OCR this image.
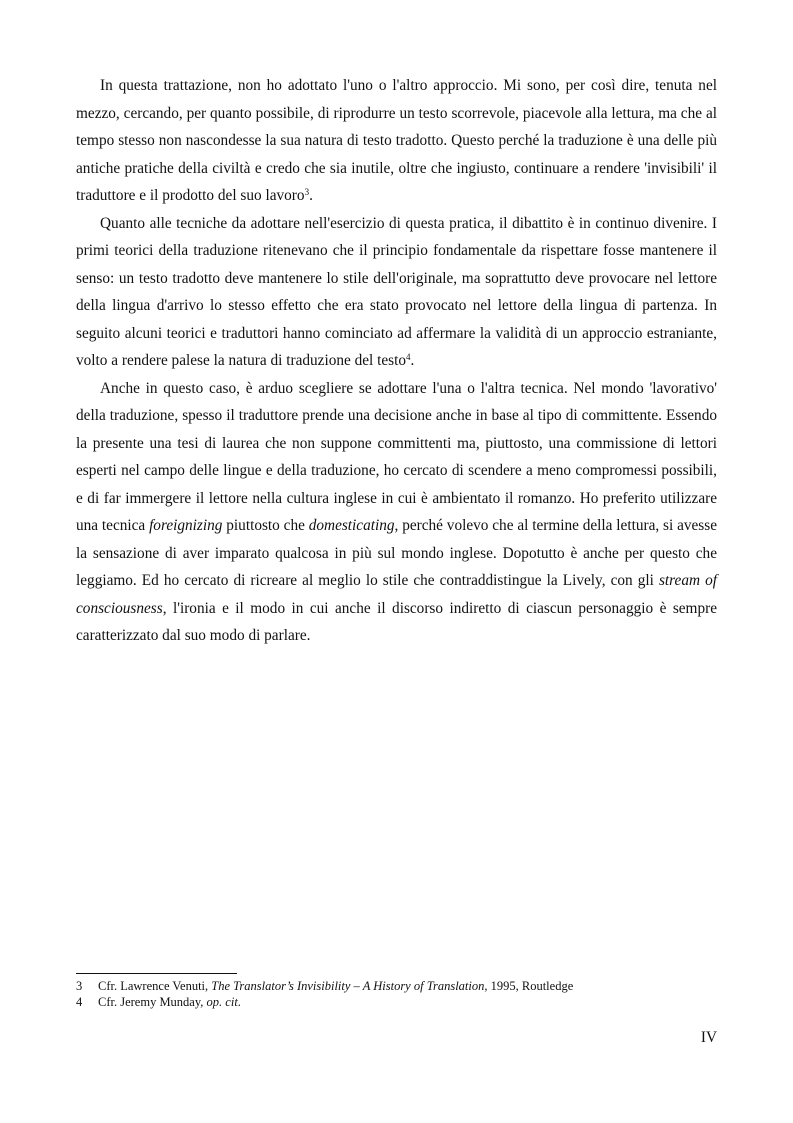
In questa trattazione, non ho adottato l'uno o l'altro approccio. Mi sono, per così dire, tenuta nel mezzo, cercando, per quanto possibile, di riprodurre un testo scorrevole, piacevole alla lettura, ma che al tempo stesso non nascondesse la sua natura di testo tradotto. Questo perché la traduzione è una delle più antiche pratiche della civiltà e credo che sia inutile, oltre che ingiusto, continuare a rendere 'invisibili' il traduttore e il prodotto del suo lavoro$^3$.

Quanto alle tecniche da adottare nell'esercizio di questa pratica, il dibattito è in continuo divenire. I primi teorici della traduzione ritenevano che il principio fondamentale da rispettare fosse mantenere il senso: un testo tradotto deve mantenere lo stile dell'originale, ma soprattutto deve provocare nel lettore della lingua d'arrivo lo stesso effetto che era stato provocato nel lettore della lingua di partenza. In seguito alcuni teorici e traduttori hanno cominciato ad affermare la validità di un approccio estraniante, volto a rendere palese la natura di traduzione del testo$^4$.

Anche in questo caso, è arduo scegliere se adottare l'una o l'altra tecnica. Nel mondo 'lavorativo' della traduzione, spesso il traduttore prende una decisione anche in base al tipo di committente. Essendo la presente una tesi di laurea che non suppone committenti ma, piuttosto, una commissione di lettori esperti nel campo delle lingue e della traduzione, ho cercato di scendere a meno compromessi possibili, e di far immergere il lettore nella cultura inglese in cui è ambientato il romanzo. Ho preferito utilizzare una tecnica foreignizing piuttosto che domesticating, perché volevo che al termine della lettura, si avesse la sensazione di aver imparato qualcosa in più sul mondo inglese. Dopotutto è anche per questo che leggiamo. Ed ho cercato di ricreare al meglio lo stile che contraddistingue la Lively, con gli stream of consciousness, l'ironia e il modo in cui anche il discorso indiretto di ciascun personaggio è sempre caratterizzato dal suo modo di parlare.

3	Cfr. Lawrence Venuti, The Translator’s Invisibility – A History of Translation, 1995, Routledge
4	Cfr. Jeremy Munday, op. cit.
IV
